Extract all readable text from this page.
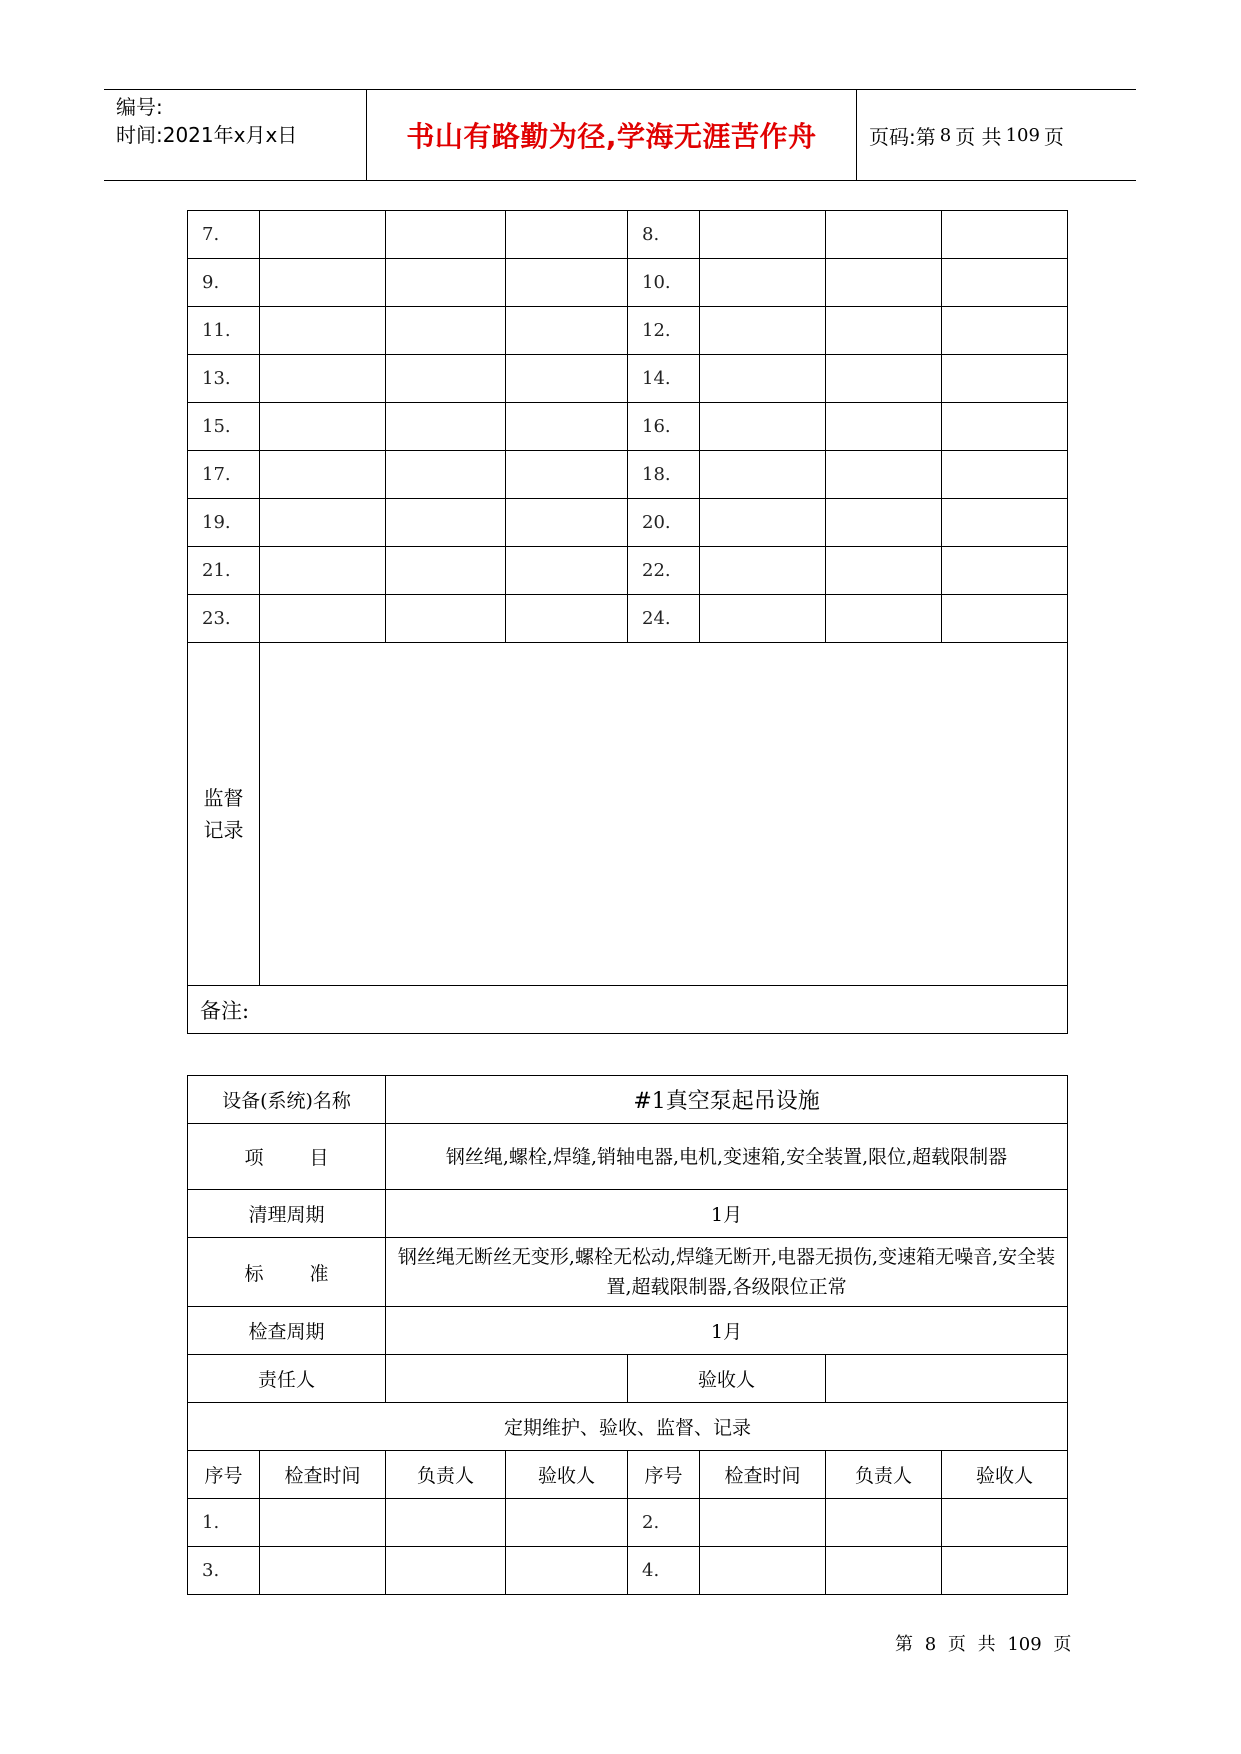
编号:
时间:2021年x月x日	书山有路勤为径,学海无涯苦作舟	页码:第 8 页 共 109 页
7.				8.			
9.				10.			
11.				12.			
13.				14.			
15.				16.			
17.				18.			
19.				20.			
21.				22.			
23.				24.			

监督
记录							

备注:							
设备(系统)名称		#1真空泵起吊设施					
项 目		钢丝绳,螺栓,焊缝,销轴电器,电机,变速箱,安全装置,限位,超载限制器					
清理周期		1月					
标 准		钢丝绳无断丝无变形,螺栓无松动,焊缝无断开,电器无损伤,变速箱无噪音,安全装置,超载限制器,各级限位正常					
检查周期		1月					
责任人				验收人			
定期维护、验收、监督、记录							
序号	检查时间	负责人	验收人	序号	检查时间	负责人	验收人
1.				2.			
3.				4.			
第 8 页 共 109 页
